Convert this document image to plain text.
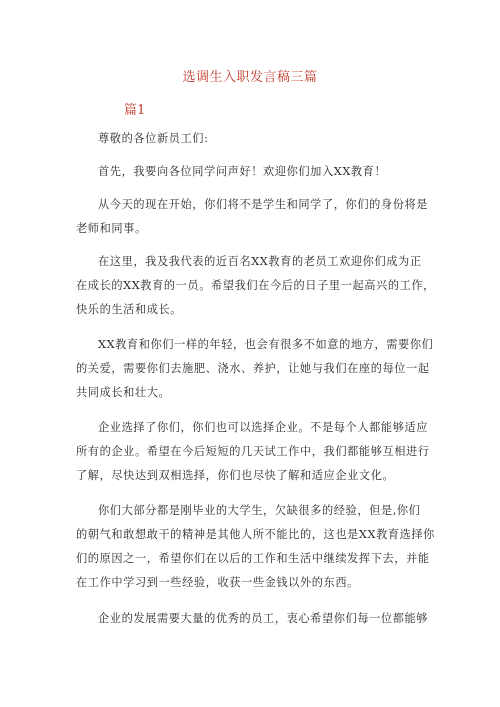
选调生入职发言稿三篇
篇1

尊敬的各位新员工们:

首先，我要向各位同学问声好！欢迎你们加入XX教育！

从今天的现在开始，你们将不是学生和同学了，你们的身份将是
老师和同事。

在这里，我及我代表的近百名XX教育的老员工欢迎你们成为正
在成长的XX教育的一员。希望我们在今后的日子里一起高兴的工作，
快乐的生活和成长。

XX教育和你们一样的年轻，也会有很多不如意的地方，需要你们
的关爱，需要你们去施肥、浇水、养护，让她与我们在座的每位一起
共同成长和壮大。

企业选择了你们，你们也可以选择企业。不是每个人都能够适应
所有的企业。希望在今后短短的几天试工作中，我们都能够互相进行
了解，尽快达到双相选择，你们也尽快了解和适应企业文化。

你们大部分都是刚毕业的大学生，欠缺很多的经验，但是,你们
的朝气和敢想敢干的精神是其他人所不能比的，这也是XX教育选择你
们的原因之一，希望你们在以后的工作和生活中继续发挥下去，并能
在工作中学习到一些经验，收获一些金钱以外的东西。

企业的发展需要大量的优秀的员工，衷心希望你们每一位都能够
